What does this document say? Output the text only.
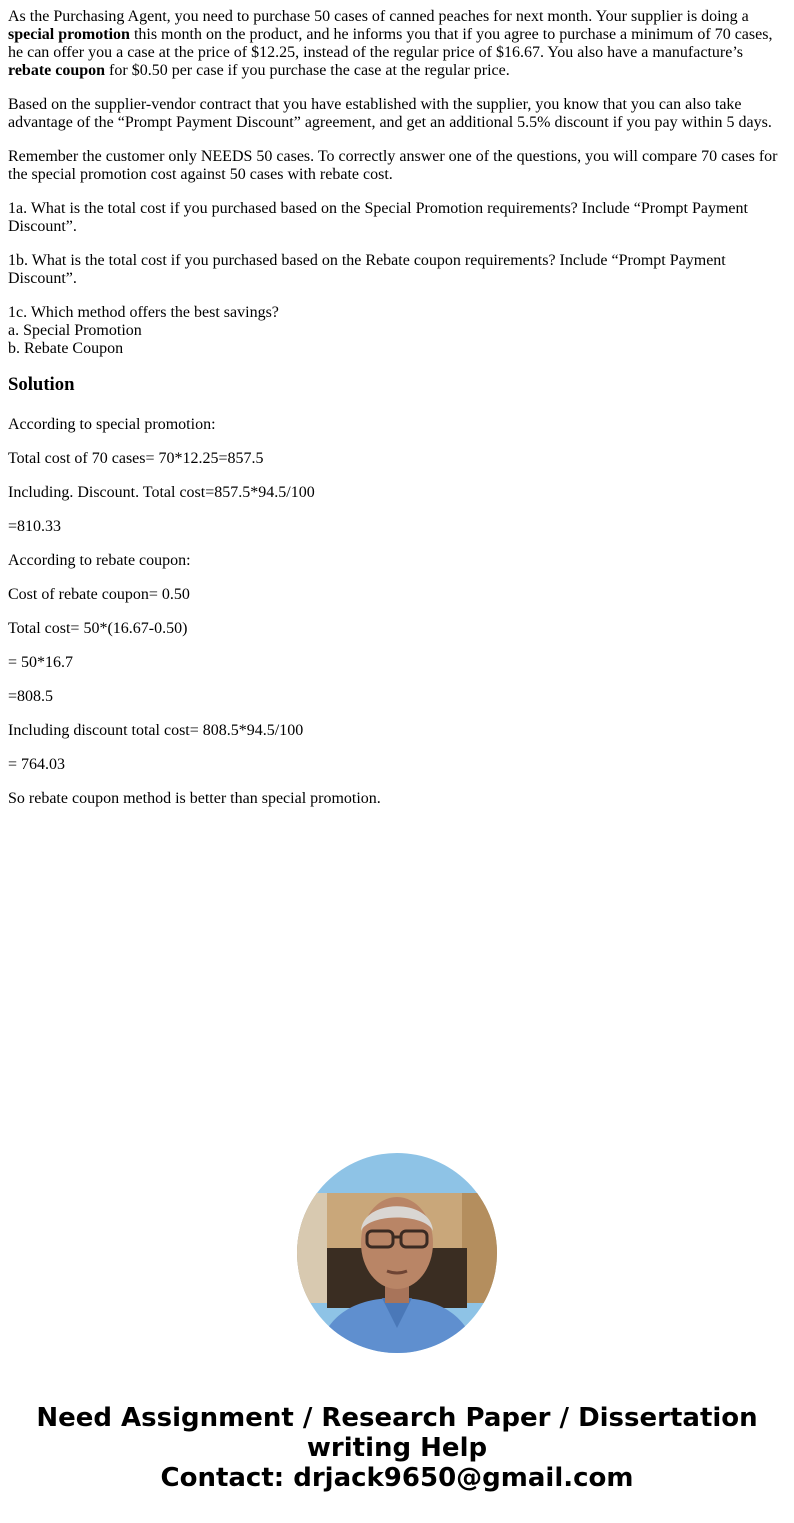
As the Purchasing Agent, you need to purchase 50 cases of canned peaches for next month. Your supplier is doing a special promotion this month on the product, and he informs you that if you agree to purchase a minimum of 70 cases, he can offer you a case at the price of $12.25, instead of the regular price of $16.67. You also have a manufacture’s rebate coupon for $0.50 per case if you purchase the case at the regular price.

Based on the supplier-vendor contract that you have established with the supplier, you know that you can also take advantage of the “Prompt Payment Discount” agreement, and get an additional 5.5% discount if you pay within 5 days.

Remember the customer only NEEDS 50 cases. To correctly answer one of the questions, you will compare 70 cases for the special promotion cost against 50 cases with rebate cost.

1a. What is the total cost if you purchased based on the Special Promotion requirements? Include “Prompt Payment Discount”.

1b. What is the total cost if you purchased based on the Rebate coupon requirements? Include “Prompt Payment Discount”.

1c. Which method offers the best savings?
a. Special Promotion
b. Rebate Coupon

Solution

According to special promotion:

Total cost of 70 cases= 70*12.25=857.5

Including. Discount. Total cost=857.5*94.5/100

=810.33

According to rebate coupon:

Cost of rebate coupon= 0.50

Total cost= 50*(16.67-0.50)

= 50*16.7

=808.5

Including discount total cost= 808.5*94.5/100

= 764.03

So rebate coupon method is better than special promotion.

Need Assignment / Research Paper / Dissertation
writing Help
Contact: drjack9650@gmail.com
